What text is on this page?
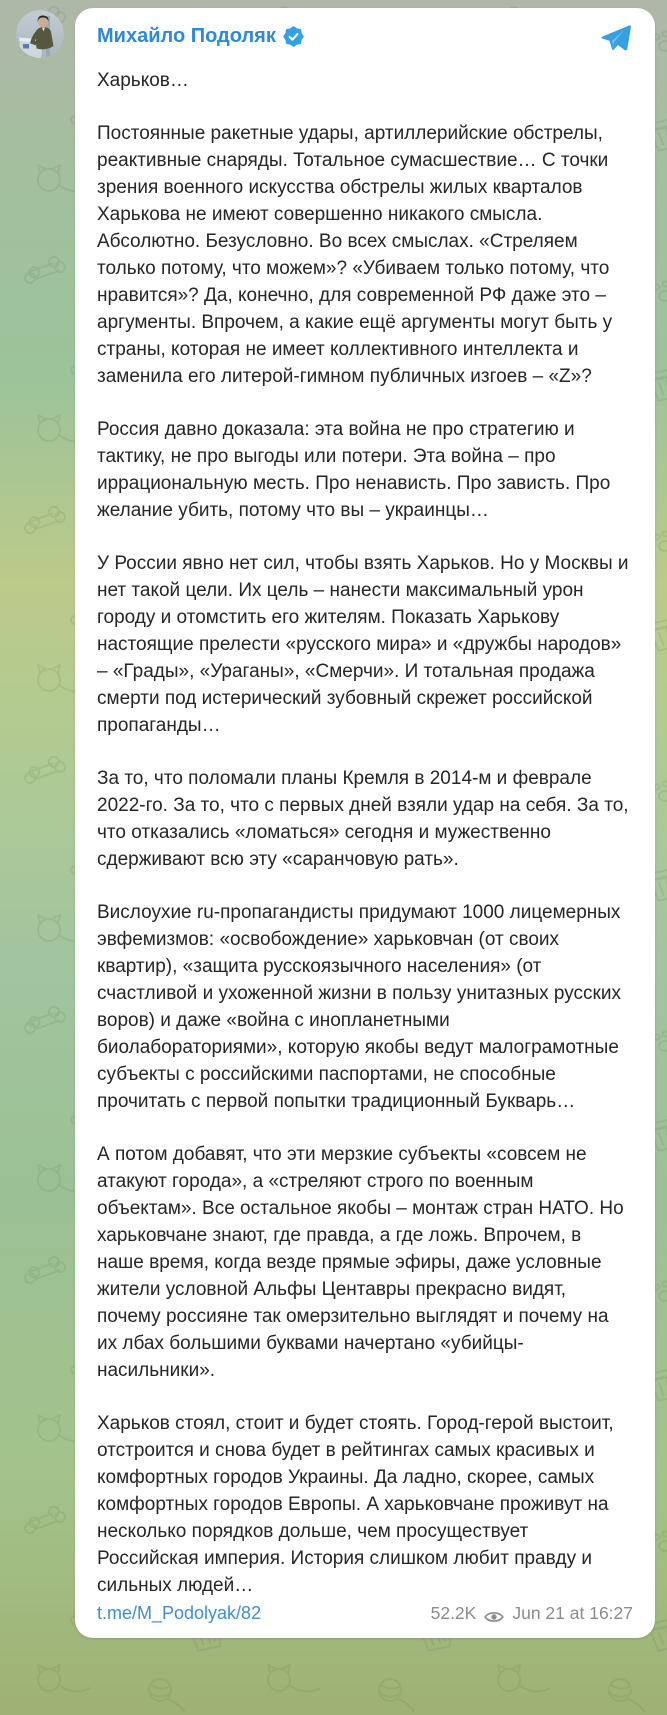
Михайло Подоляк

Харьков…

Постоянные ракетные удары, артиллерийские обстрелы, реактивные снаряды. Тотальное сумасшествие… С точки зрения военного искусства обстрелы жилых кварталов Харькова не имеют совершенно никакого смысла. Абсолютно. Безусловно. Во всех смыслах. «Стреляем только потому, что можем»? «Убиваем только потому, что нравится»? Да, конечно, для современной РФ даже это – аргументы. Впрочем, а какие ещё аргументы могут быть у страны, которая не имеет коллективного интеллекта и заменила его литерой-гимном публичных изгоев – «Z»?

Россия давно доказала: эта война не про стратегию и тактику, не про выгоды или потери. Эта война – про иррациональную месть. Про ненависть. Про зависть. Про желание убить, потому что вы – украинцы…

У России явно нет сил, чтобы взять Харьков. Но у Москвы и нет такой цели. Их цель – нанести максимальный урон городу и отомстить его жителям. Показать Харькову настоящие прелести «русского мира» и «дружбы народов» – «Грады», «Ураганы», «Смерчи». И тотальная продажа смерти под истерический зубовный скрежет российской пропаганды…

За то, что поломали планы Кремля в 2014-м и феврале 2022-го. За то, что с первых дней взяли удар на себя. За то, что отказались «ломаться» сегодня и мужественно сдерживают всю эту «саранчовую рать».

Вислоухие ru-пропагандисты придумают 1000 лицемерных эвфемизмов: «освобождение» харьковчан (от своих квартир), «защита русскоязычного населения» (от счастливой и ухоженной жизни в пользу унитазных русских воров) и даже «война с инопланетными биолабораториями», которую якобы ведут малограмотные субъекты с российскими паспортами, не способные прочитать с первой попытки традиционный Букварь…

А потом добавят, что эти мерзкие субъекты «совсем не атакуют города», а «стреляют строго по военным объектам». Все остальное якобы – монтаж стран НАТО. Но харьковчане знают, где правда, а где ложь. Впрочем, в наше время, когда везде прямые эфиры, даже условные жители условной Альфы Центавры прекрасно видят, почему россияне так омерзительно выглядят и почему на их лбах большими буквами начертано «убийцы-насильники».

Харьков стоял, стоит и будет стоять. Город-герой выстоит, отстроится и снова будет в рейтингах самых красивых и комфортных городов Украины. Да ладно, скорее, самых комфортных городов Европы. А харьковчане проживут на несколько порядков дольше, чем просуществует Российская империя. История слишком любит правду и сильных людей…

t.me/M_Podolyak/82	52.2K Jun 21 at 16:27
